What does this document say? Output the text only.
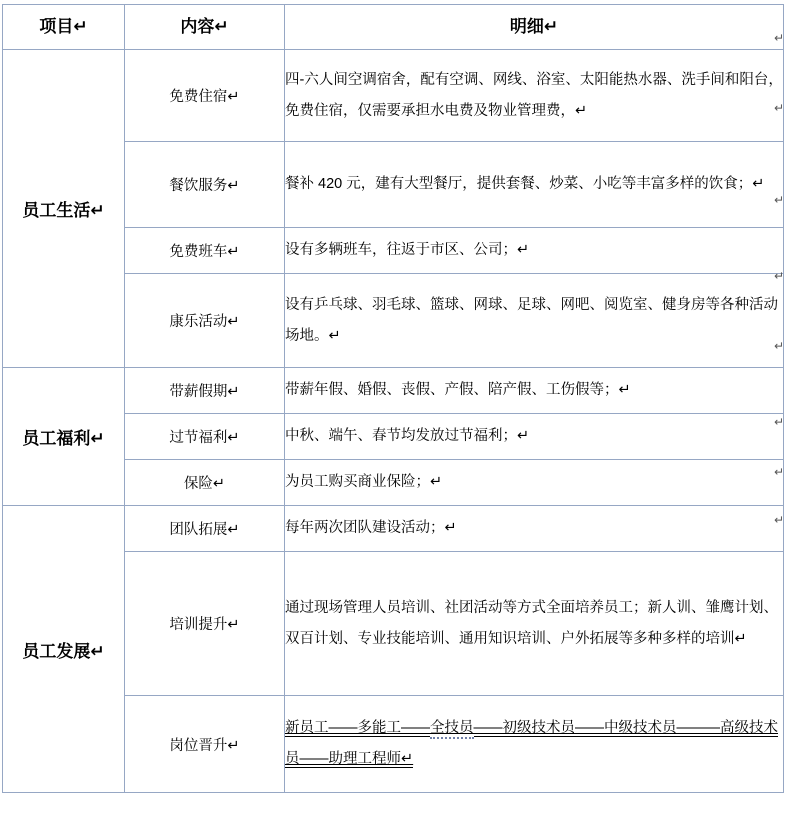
项目↵	内容↵	明细↵
员工生活↵	免费住宿↵	四-六人间空调宿舍，配有空调、网线、浴室、太阳能热水器、洗手间和阳台，免费住宿，仅需要承担水电费及物业管理费，↵
	餐饮服务↵	餐补 420 元，建有大型餐厅，提供套餐、炒菜、小吃等丰富多样的饮食；↵
	免费班车↵	设有多辆班车，往返于市区、公司；↵
	康乐活动↵	设有乒乓球、羽毛球、篮球、网球、足球、网吧、阅览室、健身房等各种活动场地。↵
员工福利↵	带薪假期↵	带薪年假、婚假、丧假、产假、陪产假、工伤假等；↵
	过节福利↵	中秋、端午、春节均发放过节福利；↵
	保险↵	为员工购买商业保险；↵
员工发展↵	团队拓展↵	每年两次团队建设活动；↵
	培训提升↵	通过现场管理人员培训、社团活动等方式全面培养员工；新人训、雏鹰计划、双百计划、专业技能培训、通用知识培训、户外拓展等多种多样的培训↵
	岗位晋升↵	新员工——多能工——全技员——初级技术员——中级技术员———高级技术员——助理工程师↵
↵
↵
↵
↵
↵
↵
↵
↵
